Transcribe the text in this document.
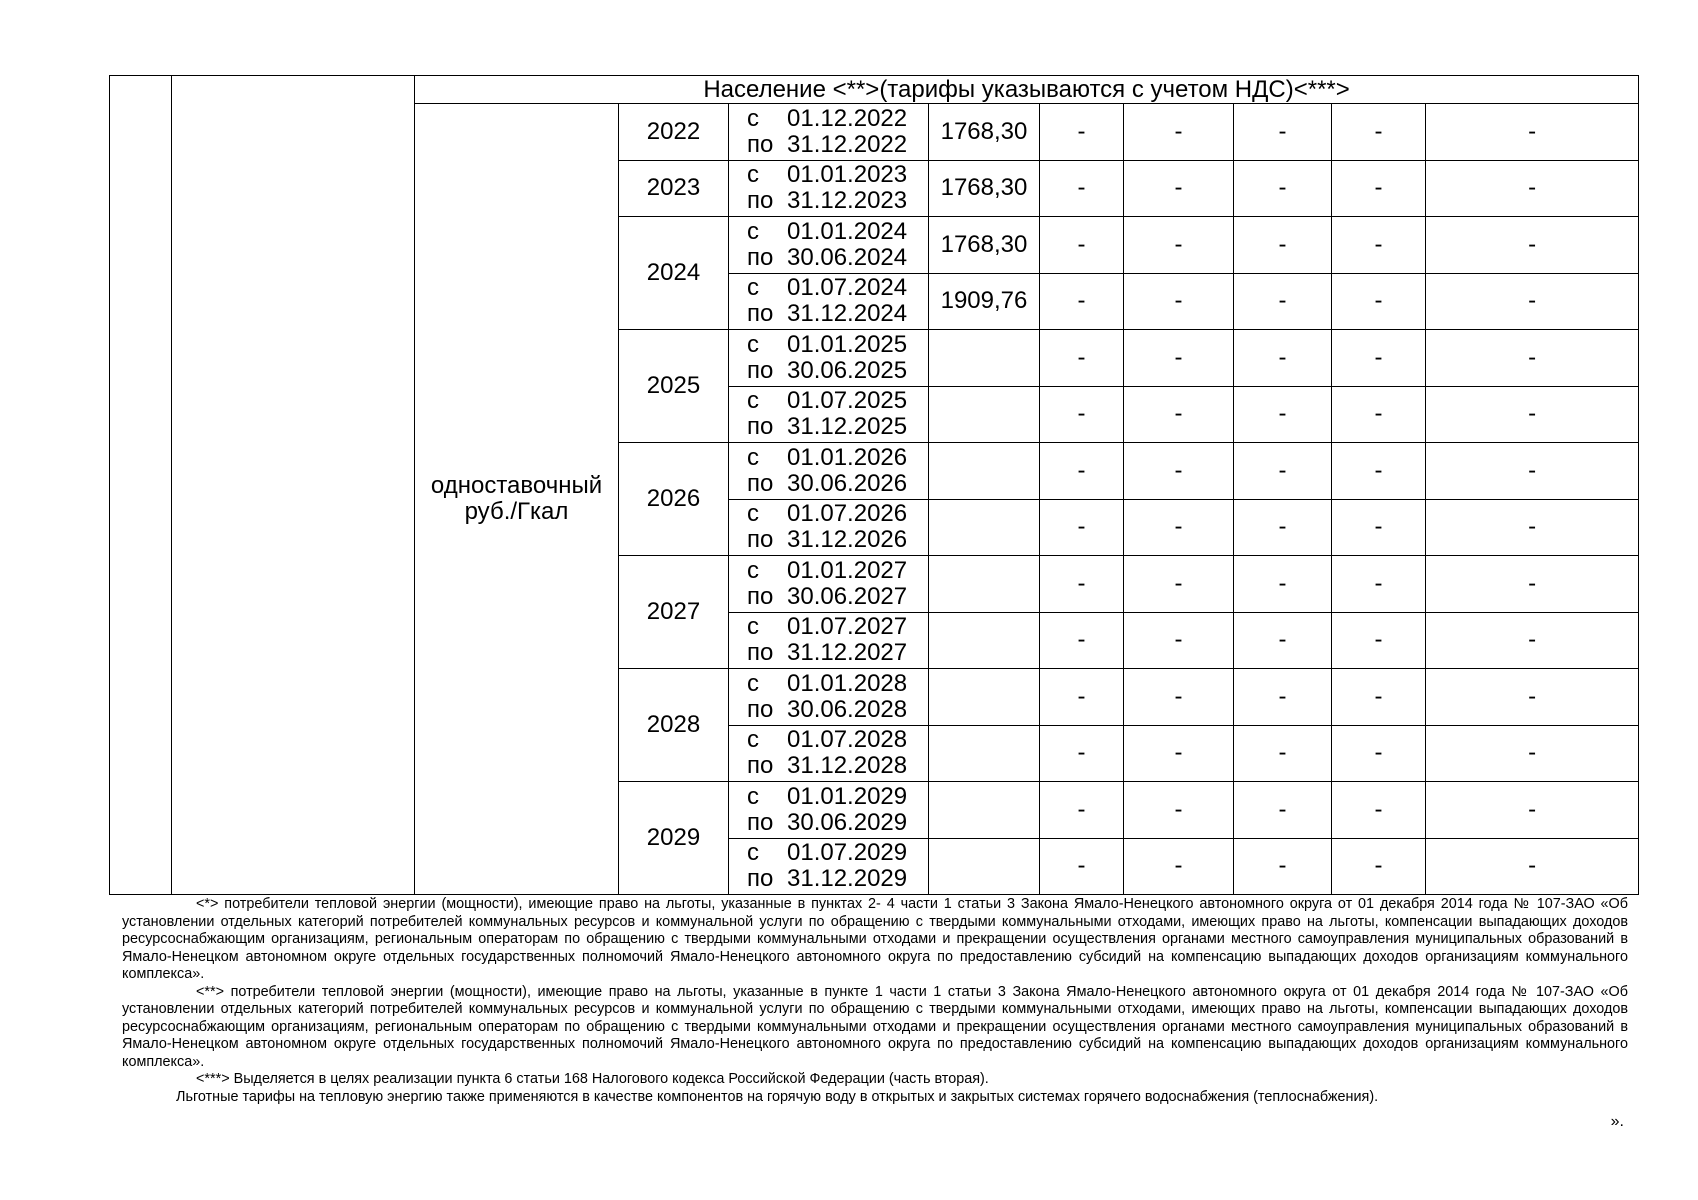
		Население <**>(тарифы указываются с учетом НДС)<***>								
		одноставочный руб./Гкал	2022	с 01.12.2022
по 31.12.2022	1768,30	-	-	-	-	-
			2023	с 01.01.2023
по 31.12.2023	1768,30	-	-	-	-	-
			2024	с 01.01.2024
по 30.06.2024	1768,30	-	-	-	-	-

				с 01.07.2024
по 31.12.2024	1909,76	-	-	-	-	-
			2025	с 01.01.2025
по 30.06.2025		-	-	-	-	-

				с 01.07.2025
по 31.12.2025		-	-	-	-	-
			2026	с 01.01.2026
по 30.06.2026		-	-	-	-	-

				с 01.07.2026
по 31.12.2026		-	-	-	-	-
			2027	с 01.01.2027
по 30.06.2027		-	-	-	-	-

				с 01.07.2027
по 31.12.2027		-	-	-	-	-
			2028	с 01.01.2028
по 30.06.2028		-	-	-	-	-

				с 01.07.2028
по 31.12.2028		-	-	-	-	-
			2029	с 01.01.2029
по 30.06.2029		-	-	-	-	-

				с 01.07.2029
по 31.12.2029		-	-	-	-	-

<*> потребители тепловой энергии (мощности), имеющие право на льготы, указанные в пунктах 2- 4 части 1 статьи 3 Закона Ямало-Ненецкого автономного округа от 01 декабря 2014 года № 107-ЗАО «Об установлении отдельных категорий потребителей коммунальных ресурсов и коммунальной услуги по обращению с твердыми коммунальными отходами, имеющих право на льготы, компенсации выпадающих доходов ресурсоснабжающим организациям, региональным операторам по обращению с твердыми коммунальными отходами и прекращении осуществления органами местного самоуправления муниципальных образований в Ямало-Ненецком автономном округе отдельных государственных полномочий Ямало-Ненецкого автономного округа по предоставлению субсидий на компенсацию выпадающих доходов организациям коммунального комплекса».

<**> потребители тепловой энергии (мощности), имеющие право на льготы, указанные в пункте 1 части 1 статьи 3 Закона Ямало-Ненецкого автономного округа от 01 декабря 2014 года № 107-ЗАО «Об установлении отдельных категорий потребителей коммунальных ресурсов и коммунальной услуги по обращению с твердыми коммунальными отходами, имеющих право на льготы, компенсации выпадающих доходов ресурсоснабжающим организациям, региональным операторам по обращению с твердыми коммунальными отходами и прекращении осуществления органами местного самоуправления муниципальных образований в Ямало-Ненецком автономном округе отдельных государственных полномочий Ямало-Ненецкого автономного округа по предоставлению субсидий на компенсацию выпадающих доходов организациям коммунального комплекса».

<***> Выделяется в целях реализации пункта 6 статьи 168 Налогового кодекса Российской Федерации (часть вторая).

Льготные тарифы на тепловую энергию также применяются в качестве компонентов на горячую воду в открытых и закрытых системах горячего водоснабжения (теплоснабжения).

».
